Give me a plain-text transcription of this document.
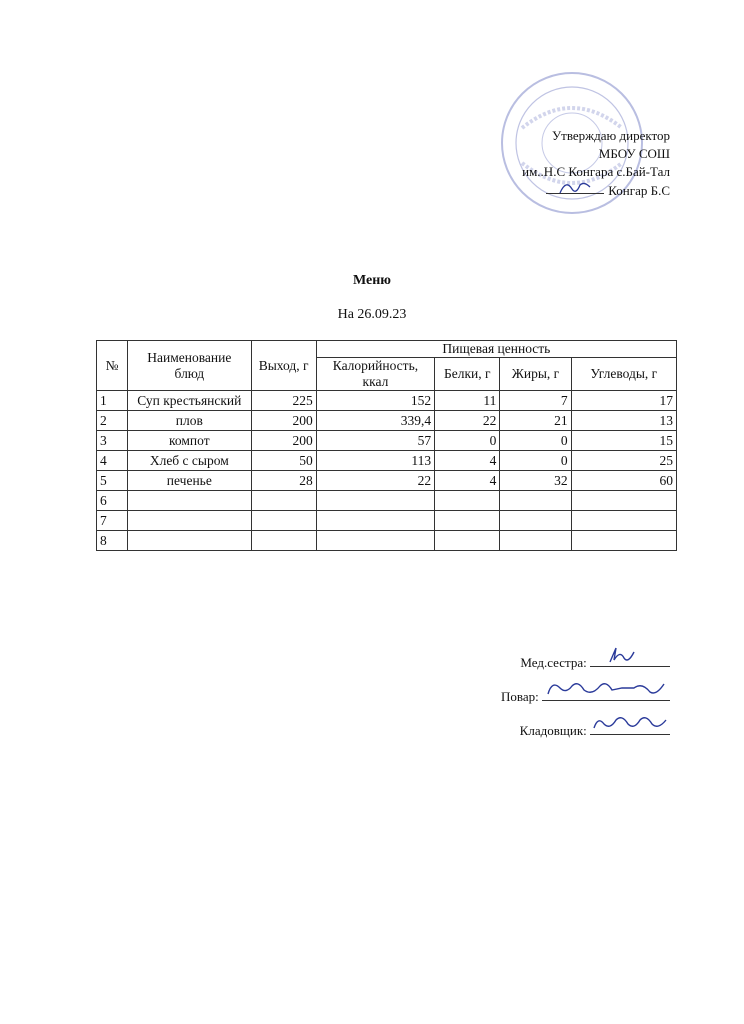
Утверждаю директор
МБОУ СОШ
им..Н.С Конгара с.Бай-Тал
Конгар Б.С
Меню
На 26.09.23
№	Наименование блюд	Выход, г	Пищевая ценность			
			Калорийность, ккал	Белки, г	Жиры, г	Углеводы, г
1	Суп крестьянский	225	152	11	7	17
2	плов	200	339,4	22	21	13
3	компот	200	57	0	0	15
4	Хлеб с сыром	50	113	4	0	25
5	печенье	28	22	4	32	60
6						
7						
8						
Мед.сестра:
Повар:
Кладовщик:
